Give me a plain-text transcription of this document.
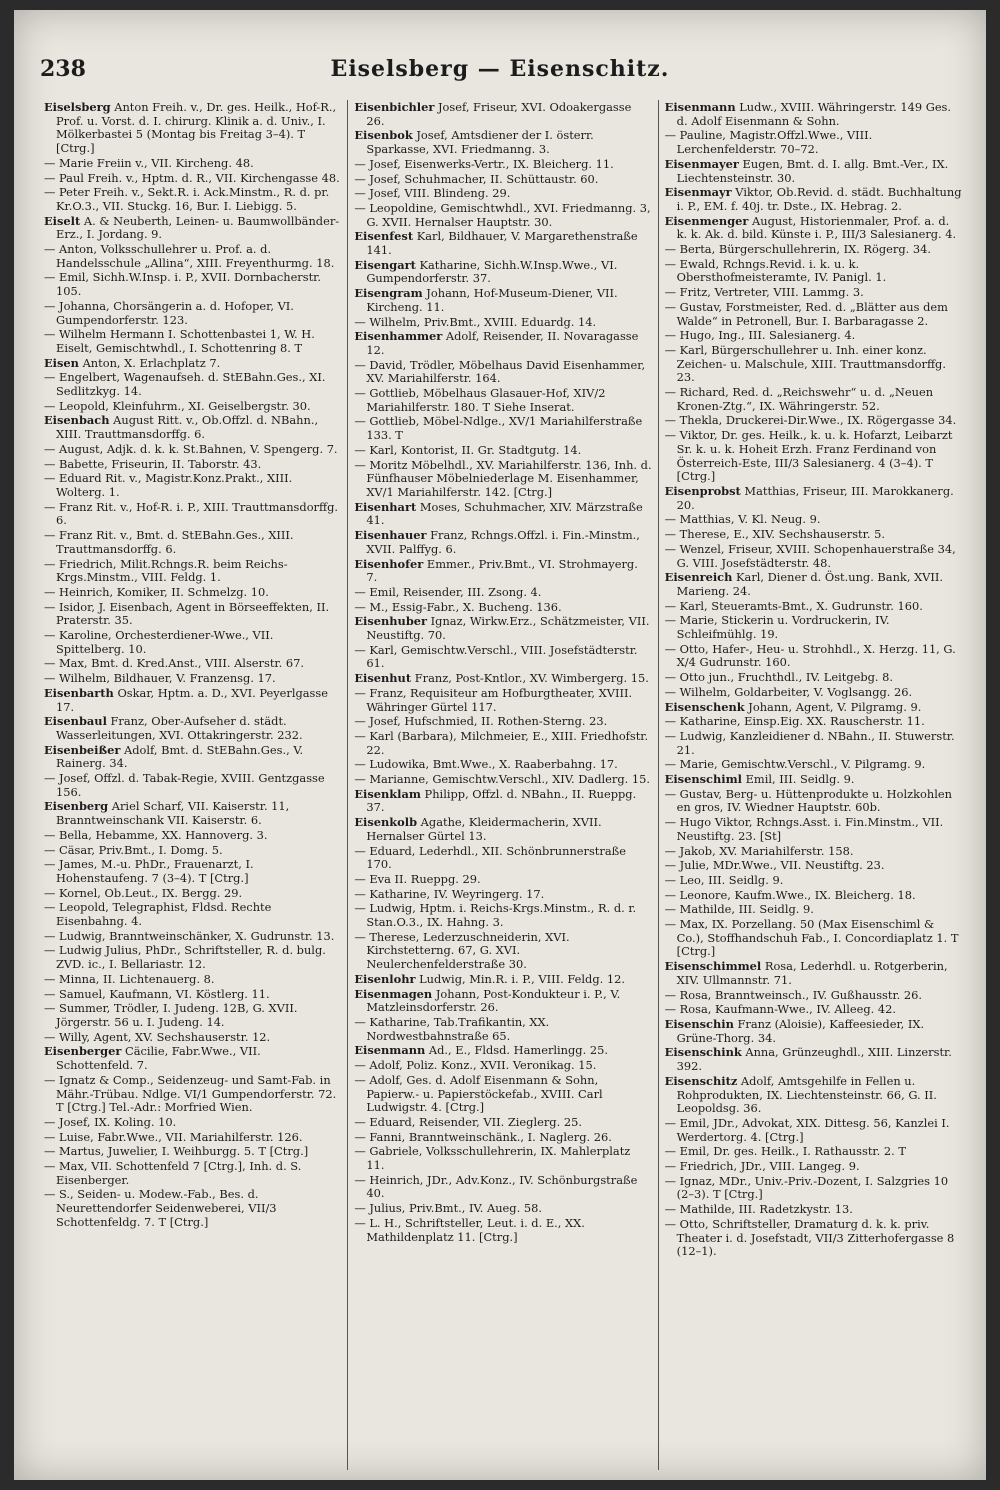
238	Eiselsberg — Eisenschitz.

Eiselsberg Anton Freih. v., Dr. ges. Heilk., Hof-R., Prof. u. Vorst. d. I. chirurg. Klinik a. d. Univ., I. Mölkerbastei 5 (Montag bis Freitag 3–4). T [Ctrg.]

— Marie Freiin v., VII. Kircheng. 48.

— Paul Freih. v., Hptm. d. R., VII. Kirchengasse 48.

— Peter Freih. v., Sekt.R. i. Ack.Minstm., R. d. pr. Kr.O.3., VII. Stuckg. 16, Bur. I. Liebigg. 5.

Eiselt A. & Neuberth, Leinen- u. Baumwollbänder-Erz., I. Jordang. 9.

— Anton, Volksschullehrer u. Prof. a. d. Handelsschule „Allina“, XIII. Freyenthurmg. 18.

— Emil, Sichh.W.Insp. i. P., XVII. Dornbacherstr. 105.

— Johanna, Chorsängerin a. d. Hofoper, VI. Gumpendorferstr. 123.

— Wilhelm Hermann I. Schottenbastei 1, W. H. Eiselt, Gemischtwhdl., I. Schottenring 8. T

Eisen Anton, X. Erlachplatz 7.

— Engelbert, Wagenaufseh. d. StEBahn.Ges., XI. Sedlitzkyg. 14.

— Leopold, Kleinfuhrm., XI. Geiselbergstr. 30.

Eisenbach August Ritt. v., Ob.Offzl. d. NBahn., XIII. Trauttmansdorffg. 6.

— August, Adjk. d. k. k. St.Bahnen, V. Spengerg. 7.

— Babette, Friseurin, II. Taborstr. 43.

— Eduard Rit. v., Magistr.Konz.Prakt., XIII. Wolterg. 1.

— Franz Rit. v., Hof-R. i. P., XIII. Trauttmansdorffg. 6.

— Franz Rit. v., Bmt. d. StEBahn.Ges., XIII. Trauttmansdorffg. 6.

— Friedrich, Milit.Rchngs.R. beim Reichs-Krgs.Minstm., VIII. Feldg. 1.

— Heinrich, Komiker, II. Schmelzg. 10.

— Isidor, J. Eisenbach, Agent in Börseeffekten, II. Praterstr. 35.

— Karoline, Orchesterdiener-Wwe., VII. Spittelberg. 10.

— Max, Bmt. d. Kred.Anst., VIII. Alserstr. 67.

— Wilhelm, Bildhauer, V. Franzensg. 17.

Eisenbarth Oskar, Hptm. a. D., XVI. Peyerlgasse 17.

Eisenbaul Franz, Ober-Aufseher d. städt. Wasserleitungen, XVI. Ottakringerstr. 232.

Eisenbeißer Adolf, Bmt. d. StEBahn.Ges., V. Rainerg. 34.

— Josef, Offzl. d. Tabak-Regie, XVIII. Gentzgasse 156.

Eisenberg Ariel Scharf, VII. Kaiserstr. 11, Branntweinschank VII. Kaiserstr. 6.

— Bella, Hebamme, XX. Hannoverg. 3.

— Cäsar, Priv.Bmt., I. Domg. 5.

— James, M.-u. PhDr., Frauenarzt, I. Hohenstaufeng. 7 (3–4). T [Ctrg.]

— Kornel, Ob.Leut., IX. Bergg. 29.

— Leopold, Telegraphist, Fldsd. Rechte Eisenbahng. 4.

— Ludwig, Branntweinschänker, X. Gudrunstr. 13.

— Ludwig Julius, PhDr., Schriftsteller, R. d. bulg. ZVD. ic., I. Bellariastr. 12.

— Minna, II. Lichtenauerg. 8.

— Samuel, Kaufmann, VI. Köstlerg. 11.

— Summer, Trödler, I. Judeng. 12B, G. XVII. Jörgerstr. 56 u. I. Judeng. 14.

— Willy, Agent, XV. Sechshauserstr. 12.

Eisenberger Cäcilie, Fabr.Wwe., VII. Schottenfeld. 7.

— Ignatz & Comp., Seidenzeug- und Samt-Fab. in Mähr.-Trübau. Ndlge. VI/1 Gumpendorferstr. 72. T [Ctrg.] Tel.-Adr.: Morfried Wien.

— Josef, IX. Koling. 10.

— Luise, Fabr.Wwe., VII. Mariahilferstr. 126.

— Martus, Juwelier, I. Weihburgg. 5. T [Ctrg.]

— Max, VII. Schottenfeld 7 [Ctrg.], Inh. d. S. Eisenberger.

— S., Seiden- u. Modew.-Fab., Bes. d. Neurettendorfer Seidenweberei, VII/3 Schottenfeldg. 7. T [Ctrg.]

Eisenbichler Josef, Friseur, XVI. Odoakergasse 26.

Eisenbok Josef, Amtsdiener der I. österr. Sparkasse, XVI. Friedmanng. 3.

— Josef, Eisenwerks-Vertr., IX. Bleicherg. 11.

— Josef, Schuhmacher, II. Schüttaustr. 60.

— Josef, VIII. Blindeng. 29.

— Leopoldine, Gemischtwhdl., XVI. Friedmanng. 3, G. XVII. Hernalser Hauptstr. 30.

Eisenfest Karl, Bildhauer, V. Margarethenstraße 141.

Eisengart Katharine, Sichh.W.Insp.Wwe., VI. Gumpendorferstr. 37.

Eisengram Johann, Hof-Museum-Diener, VII. Kircheng. 11.

— Wilhelm, Priv.Bmt., XVIII. Eduardg. 14.

Eisenhammer Adolf, Reisender, II. Novaragasse 12.

— David, Trödler, Möbelhaus David Eisenhammer, XV. Mariahilferstr. 164.

— Gottlieb, Möbelhaus Glasauer-Hof, XIV/2 Mariahilferstr. 180. T Siehe Inserat.

— Gottlieb, Möbel-Ndlge., XV/1 Mariahilferstraße 133. T

— Karl, Kontorist, II. Gr. Stadtgutg. 14.

— Moritz Möbelhdl., XV. Mariahilferstr. 136, Inh. d. Fünfhauser Möbelniederlage M. Eisenhammer, XV/1 Mariahilferstr. 142. [Ctrg.]

Eisenhart Moses, Schuhmacher, XIV. Märzstraße 41.

Eisenhauer Franz, Rchngs.Offzl. i. Fin.-Minstm., XVII. Palffyg. 6.

Eisenhofer Emmer., Priv.Bmt., VI. Strohmayerg. 7.

— Emil, Reisender, III. Zsong. 4.

— M., Essig-Fabr., X. Bucheng. 136.

Eisenhuber Ignaz, Wirkw.Erz., Schätzmeister, VII. Neustiftg. 70.

— Karl, Gemischtw.Verschl., VIII. Josefstädterstr. 61.

Eisenhut Franz, Post-Kntlor., XV. Wimbergerg. 15.

— Franz, Requisiteur am Hofburgtheater, XVIII. Währinger Gürtel 117.

— Josef, Hufschmied, II. Rothen-Sterng. 23.

— Karl (Barbara), Milchmeier, E., XIII. Friedhofstr. 22.

— Ludowika, Bmt.Wwe., X. Raaberbahng. 17.

— Marianne, Gemischtw.Verschl., XIV. Dadlerg. 15.

Eisenklam Philipp, Offzl. d. NBahn., II. Rueppg. 37.

Eisenkolb Agathe, Kleidermacherin, XVII. Hernalser Gürtel 13.

— Eduard, Lederhdl., XII. Schönbrunnerstraße 170.

— Eva II. Rueppg. 29.

— Katharine, IV. Weyringerg. 17.

— Ludwig, Hptm. i. Reichs-Krgs.Minstm., R. d. r. Stan.O.3., IX. Hahng. 3.

— Therese, Lederzuschneiderin, XVI. Kirchstetterng. 67, G. XVI. Neulerchenfelderstraße 30.

Eisenlohr Ludwig, Min.R. i. P., VIII. Feldg. 12.

Eisenmagen Johann, Post-Kondukteur i. P., V. Matzleinsdorferstr. 26.

— Katharine, Tab.Trafikantin, XX. Nordwestbahnstraße 65.

Eisenmann Ad., E., Fldsd. Hamerlingg. 25.

— Adolf, Poliz. Konz., XVII. Veronikag. 15.

— Adolf, Ges. d. Adolf Eisenmann & Sohn, Papierw.- u. Papierstöckefab., XVIII. Carl Ludwigstr. 4. [Ctrg.]

— Eduard, Reisender, VII. Zieglerg. 25.

— Fanni, Branntweinschänk., I. Naglerg. 26.

— Gabriele, Volksschullehrerin, IX. Mahlerplatz 11.

— Heinrich, JDr., Adv.Konz., IV. Schönburgstraße 40.

— Julius, Priv.Bmt., IV. Aueg. 58.

— L. H., Schriftsteller, Leut. i. d. E., XX. Mathildenplatz 11. [Ctrg.]

Eisenmann Ludw., XVIII. Währingerstr. 149 Ges. d. Adolf Eisenmann & Sohn.

— Pauline, Magistr.Offzl.Wwe., VIII. Lerchenfelderstr. 70–72.

Eisenmayer Eugen, Bmt. d. I. allg. Bmt.-Ver., IX. Liechtensteinstr. 30.

Eisenmayr Viktor, Ob.Revid. d. städt. Buchhaltung i. P., EM. f. 40j. tr. Dste., IX. Hebrag. 2.

Eisenmenger August, Historienmaler, Prof. a. d. k. k. Ak. d. bild. Künste i. P., III/3 Salesianerg. 4.

— Berta, Bürgerschullehrerin, IX. Rögerg. 34.

— Ewald, Rchngs.Revid. i. k. u. k. Obersthofmeisteramte, IV. Panigl. 1.

— Fritz, Vertreter, VIII. Lammg. 3.

— Gustav, Forstmeister, Red. d. „Blätter aus dem Walde“ in Petronell, Bur. I. Barbaragasse 2.

— Hugo, Ing., III. Salesianerg. 4.

— Karl, Bürgerschullehrer u. Inh. einer konz. Zeichen- u. Malschule, XIII. Trauttmansdorffg. 23.

— Richard, Red. d. „Reichswehr“ u. d. „Neuen Kronen-Ztg.“, IX. Währingerstr. 52.

— Thekla, Druckerei-Dir.Wwe., IX. Rögergasse 34.

— Viktor, Dr. ges. Heilk., k. u. k. Hofarzt, Leibarzt Sr. k. u. k. Hoheit Erzh. Franz Ferdinand von Österreich-Este, III/3 Salesianerg. 4 (3–4). T [Ctrg.]

Eisenprobst Matthias, Friseur, III. Marokkanerg. 20.

— Matthias, V. Kl. Neug. 9.

— Therese, E., XIV. Sechshauserstr. 5.

— Wenzel, Friseur, XVIII. Schopenhauerstraße 34, G. VIII. Josefstädterstr. 48.

Eisenreich Karl, Diener d. Öst.ung. Bank, XVII. Marieng. 24.

— Karl, Steueramts-Bmt., X. Gudrunstr. 160.

— Marie, Stickerin u. Vordruckerin, IV. Schleifmühlg. 19.

— Otto, Hafer-, Heu- u. Strohhdl., X. Herzg. 11, G. X/4 Gudrunstr. 160.

— Otto jun., Fruchthdl., IV. Leitgebg. 8.

— Wilhelm, Goldarbeiter, V. Voglsangg. 26.

Eisenschenk Johann, Agent, V. Pilgramg. 9.

— Katharine, Einsp.Eig. XX. Rauscherstr. 11.

— Ludwig, Kanzleidiener d. NBahn., II. Stuwerstr. 21.

— Marie, Gemischtw.Verschl., V. Pilgramg. 9.

Eisenschiml Emil, III. Seidlg. 9.

— Gustav, Berg- u. Hüttenprodukte u. Holzkohlen en gros, IV. Wiedner Hauptstr. 60b.

— Hugo Viktor, Rchngs.Asst. i. Fin.Minstm., VII. Neustiftg. 23. [St]

— Jakob, XV. Mariahilferstr. 158.

— Julie, MDr.Wwe., VII. Neustiftg. 23.

— Leo, III. Seidlg. 9.

— Leonore, Kaufm.Wwe., IX. Bleicherg. 18.

— Mathilde, III. Seidlg. 9.

— Max, IX. Porzellang. 50 (Max Eisenschiml & Co.), Stoffhandschuh Fab., I. Concordiaplatz 1. T [Ctrg.]

Eisenschimmel Rosa, Lederhdl. u. Rotgerberin, XIV. Ullmannstr. 71.

— Rosa, Branntweinsch., IV. Gußhausstr. 26.

— Rosa, Kaufmann-Wwe., IV. Alleeg. 42.

Eisenschin Franz (Aloisie), Kaffeesieder, IX. Grüne-Thorg. 34.

Eisenschink Anna, Grünzeughdl., XIII. Linzerstr. 392.

Eisenschitz Adolf, Amtsgehilfe in Fellen u. Rohprodukten, IX. Liechtensteinstr. 66, G. II. Leopoldsg. 36.

— Emil, JDr., Advokat, XIX. Dittesg. 56, Kanzlei I. Werdertorg. 4. [Ctrg.]

— Emil, Dr. ges. Heilk., I. Rathausstr. 2. T

— Friedrich, JDr., VIII. Langeg. 9.

— Ignaz, MDr., Univ.-Priv.-Dozent, I. Salzgries 10 (2–3). T [Ctrg.]

— Mathilde, III. Radetzkystr. 13.

— Otto, Schriftsteller, Dramaturg d. k. k. priv. Theater i. d. Josefstadt, VII/3 Zitterhofergasse 8 (12–1).
